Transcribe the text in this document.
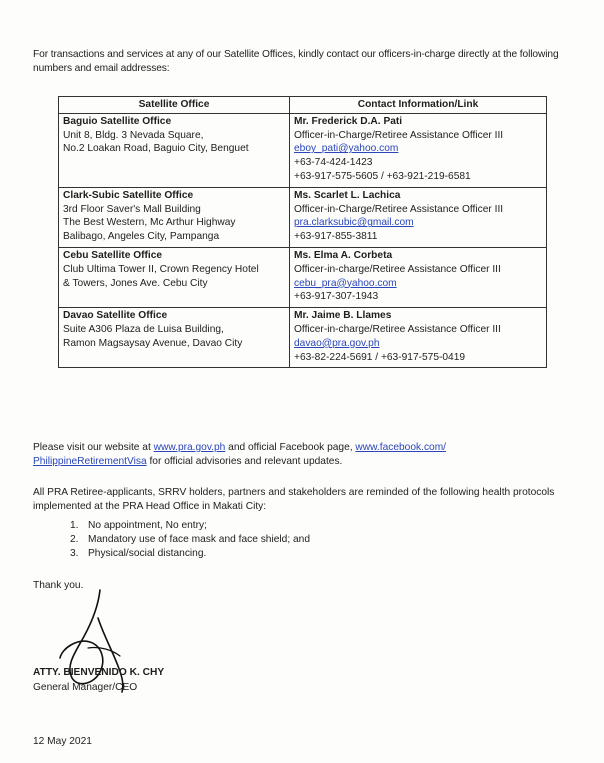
For transactions and services at any of our Satellite Offices, kindly contact our officers-in-charge directly at the following numbers and email addresses:

Satellite Office	Contact Information/Link

Baguio Satellite Office
Unit 8, Bldg. 3 Nevada Square,
No.2 Loakan Road, Baguio City, Benguet	Mr. Frederick D.A. Pati
Officer-in-Charge/Retiree Assistance Officer III
eboy_pati@yahoo.com
+63-74-424-1423
+63-917-575-5605 / +63-921-219-6581

Clark-Subic Satellite Office
3rd Floor Saver's Mall Building
The Best Western, Mc Arthur Highway
Balibago, Angeles City, Pampanga	Ms. Scarlet L. Lachica
Officer-in-Charge/Retiree Assistance Officer III
pra.clarksubic@gmail.com
+63-917-855-3811

Cebu Satellite Office
Club Ultima Tower II, Crown Regency Hotel
& Towers, Jones Ave. Cebu City	Ms. Elma A. Corbeta
Officer-in-charge/Retiree Assistance Officer III
cebu_pra@yahoo.com
+63-917-307-1943

Davao Satellite Office
Suite A306 Plaza de Luisa Building,
Ramon Magsaysay Avenue, Davao City	Mr. Jaime B. Llames
Officer-in-charge/Retiree Assistance Officer III
davao@pra.gov.ph
+63-82-224-5691 / +63-917-575-0419

Please visit our website at www.pra.gov.ph and official Facebook page, www.facebook.com/
PhilippineRetirementVisa for official advisories and relevant updates.

All PRA Retiree-applicants, SRRV holders, partners and stakeholders are reminded of the following health protocols implemented at the PRA Head Office in Makati City:

1. No appointment, No entry;
2. Mandatory use of face mask and face shield; and
3. Physical/social distancing.
Thank you.
ATTY. BIENVENIDO K. CHY
General Manager/CEO
12 May 2021
